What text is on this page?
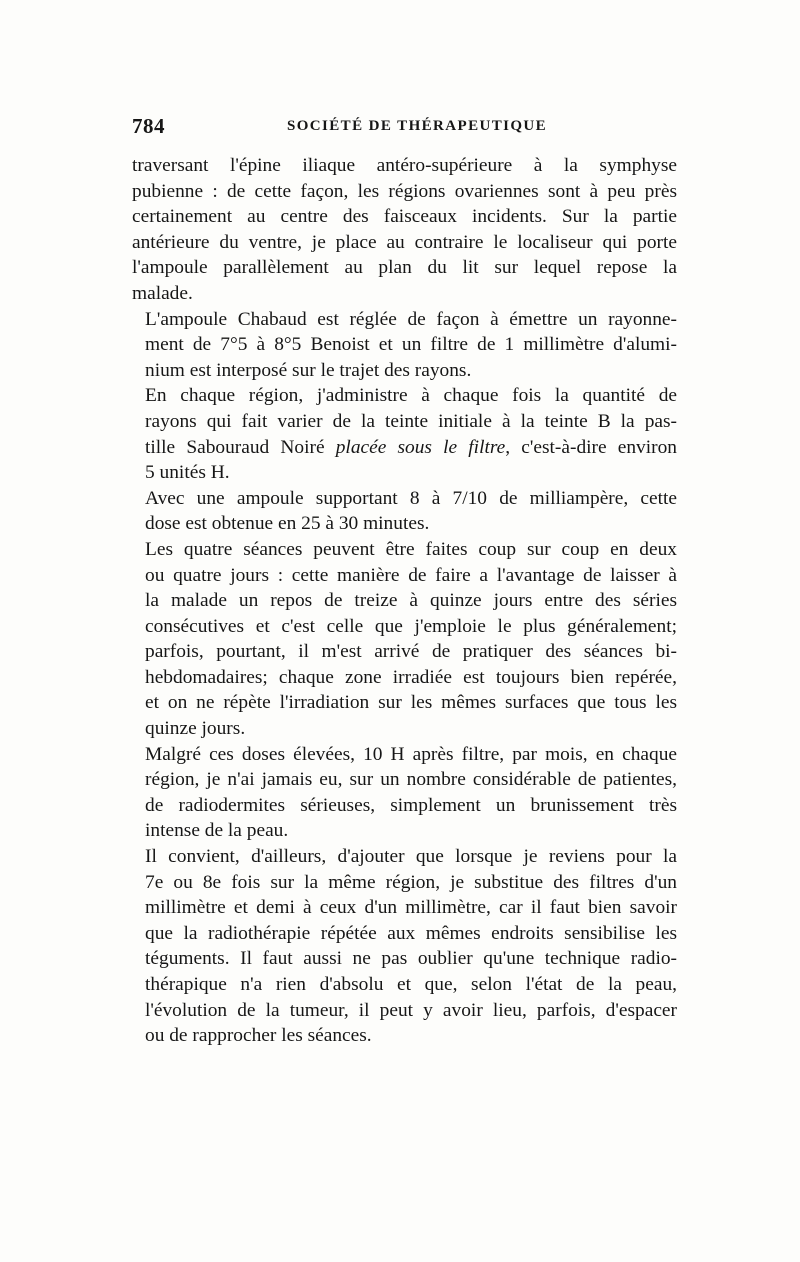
784	SOCIÉTÉ DE THÉRAPEUTIQUE

traversant l'épine iliaque antéro-supérieure à la symphyse
pubienne : de cette façon, les régions ovariennes sont à peu près
certainement au centre des faisceaux incidents. Sur la partie
antérieure du ventre, je place au contraire le localiseur qui porte
l'ampoule parallèlement au plan du lit sur lequel repose la
malade.

L'ampoule Chabaud est réglée de façon à émettre un rayonne-
ment de 7°5 à 8°5 Benoist et un filtre de 1 millimètre d'alumi-
nium est interposé sur le trajet des rayons.

En chaque région, j'administre à chaque fois la quantité de
rayons qui fait varier de la teinte initiale à la teinte B la pas-
tille Sabouraud Noiré placée sous le filtre, c'est-à-dire environ
5 unités H.

Avec une ampoule supportant 8 à 7/10 de milliampère, cette
dose est obtenue en 25 à 30 minutes.

Les quatre séances peuvent être faites coup sur coup en deux
ou quatre jours : cette manière de faire a l'avantage de laisser à
la malade un repos de treize à quinze jours entre des séries
consécutives et c'est celle que j'emploie le plus généralement;
parfois, pourtant, il m'est arrivé de pratiquer des séances bi-
hebdomadaires; chaque zone irradiée est toujours bien repérée,
et on ne répète l'irradiation sur les mêmes surfaces que tous les
quinze jours.

Malgré ces doses élevées, 10 H après filtre, par mois, en chaque
région, je n'ai jamais eu, sur un nombre considérable de patientes,
de radiodermites sérieuses, simplement un brunissement très
intense de la peau.

Il convient, d'ailleurs, d'ajouter que lorsque je reviens pour la
7e ou 8e fois sur la même région, je substitue des filtres d'un
millimètre et demi à ceux d'un millimètre, car il faut bien savoir
que la radiothérapie répétée aux mêmes endroits sensibilise les
téguments. Il faut aussi ne pas oublier qu'une technique radio-
thérapique n'a rien d'absolu et que, selon l'état de la peau,
l'évolution de la tumeur, il peut y avoir lieu, parfois, d'espacer
ou de rapprocher les séances.
